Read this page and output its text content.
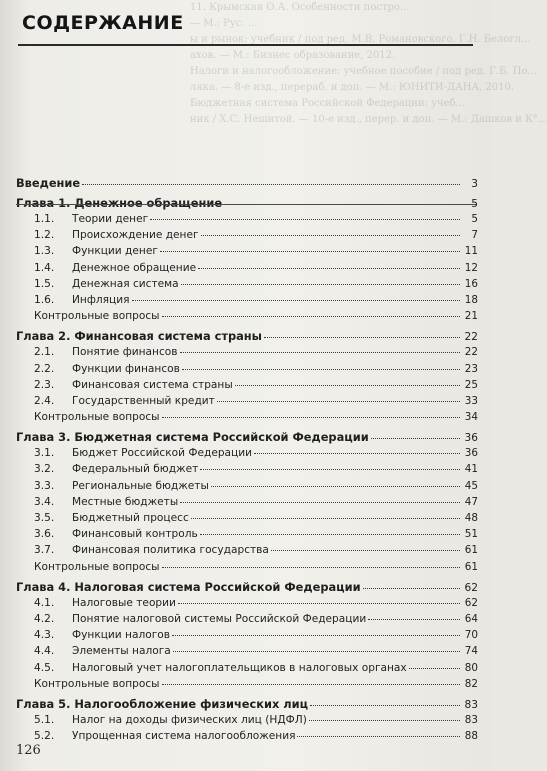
11. Крымская О.А. Особенности постро...
— М.: Рус. ...
ы и рынок: учебник / под ред. М.В. Романовского. Г.Н. Белогл...
ахов. — М.: Бизнес образование, 2012.
Налоги и налогообложение: учебное пособие / под ред. Г.Б. По...
ляка. — 8-е изд., перераб. и доп. — М.: ЮНИТИ-ДАНА, 2010.
Бюджетная система Российской Федерации: учеб...
ник / Х.С. Нешитой. — 10-е изд., перер. и доп. — М.: Дашков и К°...
СОДЕРЖАНИЕ
Введение	3
Глава 1. Денежное обращение	5
1.1.	Теории денег	5
1.2.	Происхождение денег	7
1.3.	Функции денег	11
1.4.	Денежное обращение	12
1.5.	Денежная система	16
1.6.	Инфляция	18
Контрольные вопросы	21
Глава 2. Финансовая система страны	22
2.1.	Понятие финансов	22
2.2.	Функции финансов	23
2.3.	Финансовая система страны	25
2.4.	Государственный кредит	33
Контрольные вопросы	34
Глава 3. Бюджетная система Российской Федерации	36
3.1.	Бюджет Российской Федерации	36
3.2.	Федеральный бюджет	41
3.3.	Региональные бюджеты	45
3.4.	Местные бюджеты	47
3.5.	Бюджетный процесс	48
3.6.	Финансовый контроль	51
3.7.	Финансовая политика государства	61
Контрольные вопросы	61
Глава 4. Налоговая система Российской Федерации	62
4.1.	Налоговые теории	62
4.2.	Понятие налоговой системы Российской Федерации	64
4.3.	Функции налогов	70
4.4.	Элементы налога	74
4.5.	Налоговый учет налогоплательщиков в налоговых органах	80
Контрольные вопросы	82
Глава 5. Налогообложение физических лиц	83
5.1.	Налог на доходы физических лиц (НДФЛ)	83
5.2.	Упрощенная система налогообложения	88
126
